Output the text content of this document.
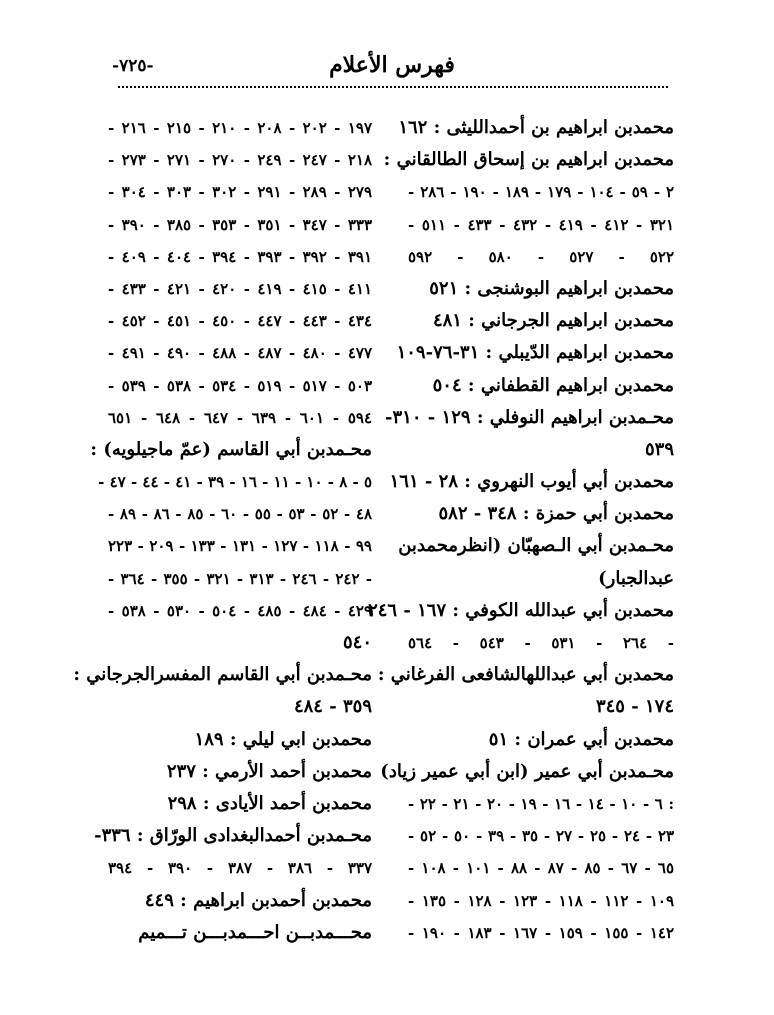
فهرس الأعلام
-٧٢٥-
محمدبن ابراهيم بن أحمدالليثى : ١٦٢
محمدبن ابراهيم بن إسحاق الطالقاني :
٢ - ٥٩ - ١٠٤ - ١٧٩ - ١٨٩ - ١٩٠ - ٢٨٦ -
٣٢١ - ٤١٢ - ٤١٩ - ٤٣٢ - ٤٣٣ - ٥١١ -
٥٢٢ - ٥٢٧ - ٥٨٠ - ٥٩٢
محمدبن ابراهيم البوشنجى : ٥٢١
محمدبن ابراهيم الجرجاني : ٤٨١
محمدبن ابراهيم الدّيبلي : ٣١-٧٦-١٠٩
محمدبن ابراهيم القطفاني : ٥٠٤
محـمدبن ابراهيم النوفلي : ١٢٩ - ٣١٠-
٥٣٩
محمدبن أبي أيوب النهروي : ٢٨ - ١٦١
محمدبن أبي حمزة : ٣٤٨ - ٥٨٢
محـمدبن أبي الـصهبّان (انظرمحمدبن
عبدالجبار)
محمدبن أبي عبدالله الكوفي : ١٦٧ - ٢٤٦
- ٢٦٤ - ٥٣١ - ٥٤٣ - ٥٦٤
محمدبن أبي عبداللهالشافعى الفرغاني :
١٧٤ - ٣٤٥
محمدبن أبي عمران : ٥١
محـمدبن أبي عمير (ابن أبي عمير زياد)
: ٦ - ١٠ - ١٤ - ١٦ - ١٩ - ٢٠ - ٢١ - ٢٢ -
٢٣ - ٢٤ - ٢٥ - ٢٧ - ٣٥ - ٣٩ - ٥٠ - ٥٢ -
٦٥ - ٦٧ - ٨٥ - ٨٧ - ٨٨ - ١٠١ - ١٠٨ -
١٠٩ - ١١٢ - ١١٨ - ١٢٣ - ١٢٨ - ١٣٥ -
١٤٢ - ١٥٥ - ١٥٩ - ١٦٧ - ١٨٣ - ١٩٠ -
١٩٧ - ٢٠٢ - ٢٠٨ - ٢١٠ - ٢١٥ - ٢١٦ -
٢١٨ - ٢٤٧ - ٢٤٩ - ٢٧٠ - ٢٧١ - ٢٧٣ -
٢٧٩ - ٢٨٩ - ٢٩١ - ٣٠٢ - ٣٠٣ - ٣٠٤ -
٣٣٣ - ٣٤٧ - ٣٥١ - ٣٥٣ - ٣٨٥ - ٣٩٠ -
٣٩١ - ٣٩٢ - ٣٩٣ - ٣٩٤ - ٤٠٤ - ٤٠٩ -
٤١١ - ٤١٥ - ٤١٩ - ٤٢٠ - ٤٢١ - ٤٣٣ -
٤٣٤ - ٤٤٣ - ٤٤٧ - ٤٥٠ - ٤٥١ - ٤٥٢ -
٤٧٧ - ٤٨٠ - ٤٨٧ - ٤٨٨ - ٤٩٠ - ٤٩١ -
٥٠٣ - ٥١٧ - ٥١٩ - ٥٣٤ - ٥٣٨ - ٥٣٩ -
٥٩٤ - ٦٠١ - ٦٣٩ - ٦٤٧ - ٦٤٨ - ٦٥١
محـمدبن أبي القاسم (عمّ ماجيلويه) :
٥ - ٨ - ١٠ - ١١ - ١٦ - ٣٩ - ٤١ - ٤٤ - ٤٧ -
٤٨ - ٥٢ - ٥٣ - ٥٥ - ٦٠ - ٨٥ - ٨٦ - ٨٩ -
٩٩ - ١١٨ - ١٢٧ - ١٣١ - ١٣٣ - ٢٠٩ - ٢٢٣
- ٢٤٢ - ٢٤٦ - ٣١٣ - ٣٢١ - ٣٥٥ - ٣٦٤ -
٤٢٩ - ٤٨٤ - ٤٨٥ - ٥٠٤ - ٥٣٠ - ٥٣٨ -
٥٤٠
محـمدبن أبي القاسم المفسرالجرجاني :
٣٥٩ - ٤٨٤
محمدبن ابي ليلي : ١٨٩
محمدبن أحمد الأرمي : ٢٣٧
محمدبن أحمد الأيادى : ٢٩٨
محـمدبن أحمدالبغدادى الورّاق : ٣٣٦-
٣٣٧ - ٣٨٦ - ٣٨٧ - ٣٩٠ - ٣٩٤
محمدبن أحمدبن ابراهيم : ٤٤٩
محـــمدبــن احـــمدبـــن تـــميم
